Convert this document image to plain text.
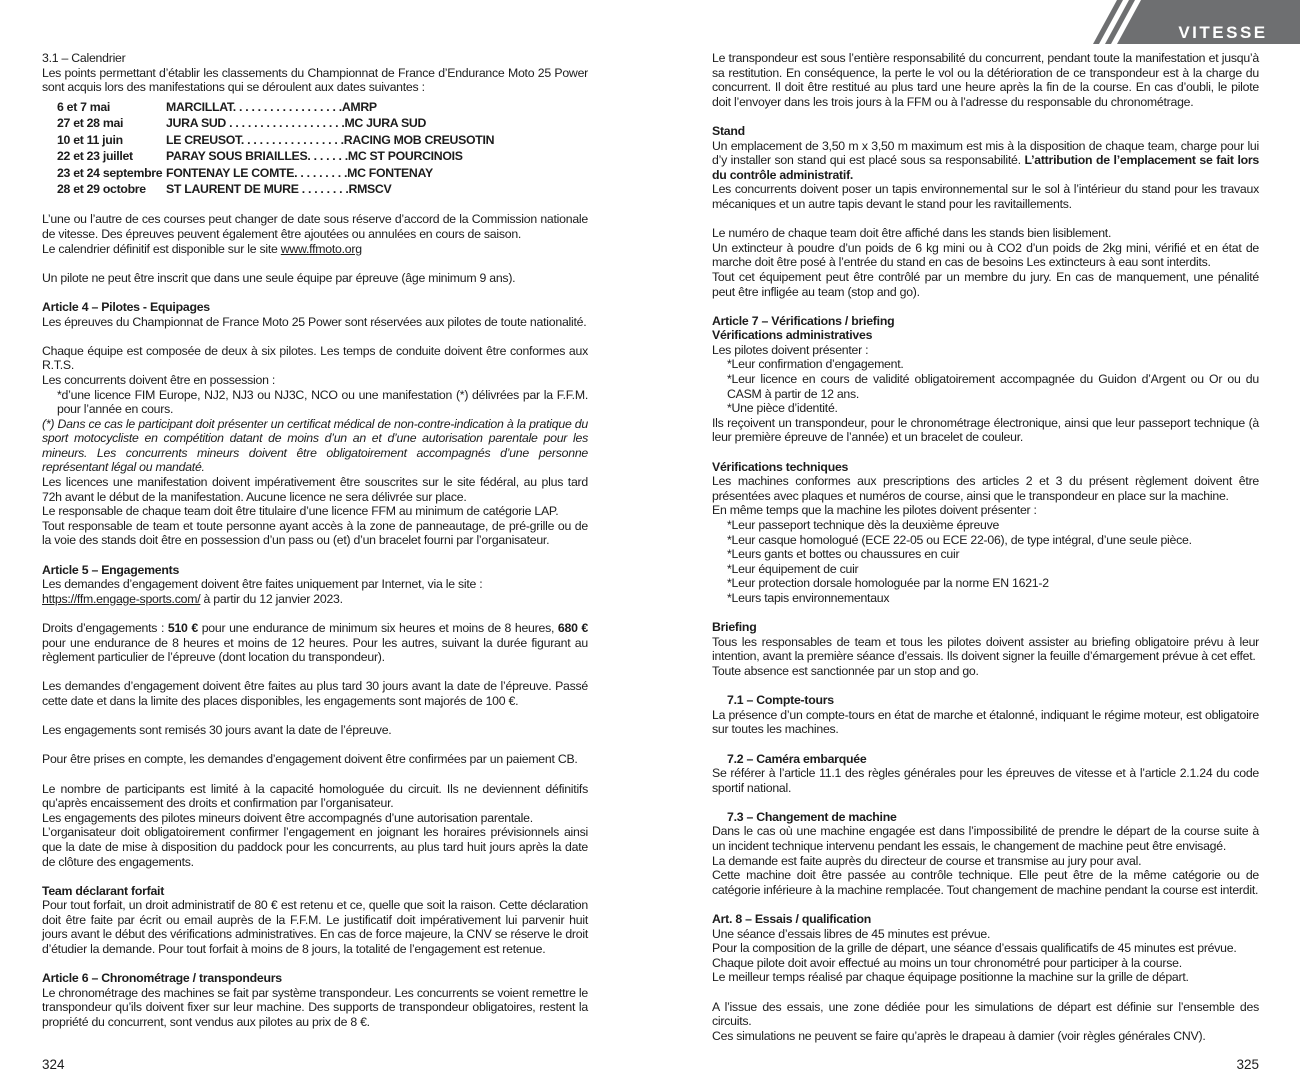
3.1 – Calendrier

Les points permettant d’établir les classements du Championnat de France d’Endurance Moto 25 Power sont acquis lors des manifestations qui se déroulent aux dates suivantes :

6 et 7 mai	MARCILLAT. . . . . . . . . . . . . . . . . .AMRP
27 et 28 mai	JURA SUD . . . . . . . . . . . . . . . . . . .MC JURA SUD
10 et 11 juin	LE CREUSOT. . . . . . . . . . . . . . . . .RACING MOB CREUSOTIN
22 et 23 juillet	PARAY SOUS BRIAILLES. . . . . . .MC ST POURCINOIS
23 et 24 septembre FONTENAY LE COMTE. . . . . . . . .MC FONTENAY
28 et 29 octobre	ST LAURENT DE MURE . . . . . . . .RMSCV

L’une ou l’autre de ces courses peut changer de date sous réserve d’accord de la Commission nationale de vitesse. Des épreuves peuvent également être ajoutées ou annulées en cours de saison.

Le calendrier définitif est disponible sur le site www.ffmoto.org

Un pilote ne peut être inscrit que dans une seule équipe par épreuve (âge minimum 9 ans).

Article 4 – Pilotes - Equipages

Les épreuves du Championnat de France Moto 25 Power sont réservées aux pilotes de toute nationalité.

Chaque équipe est composée de deux à six pilotes. Les temps de conduite doivent être conformes aux R.T.S.

Les concurrents doivent être en possession :

*d’une licence FIM Europe, NJ2, NJ3 ou NJ3C, NCO ou une manifestation (*) délivrées par la F.F.M. pour l’année en cours.

(*) Dans ce cas le participant doit présenter un certificat médical de non-contre-indication à la pratique du sport motocycliste en compétition datant de moins d’un an et d’une autorisation parentale pour les mineurs. Les concurrents mineurs doivent être obligatoirement accompagnés d’une personne représentant légal ou mandaté.

Les licences une manifestation doivent impérativement être souscrites sur le site fédéral, au plus tard 72h avant le début de la manifestation. Aucune licence ne sera délivrée sur place.

Le responsable de chaque team doit être titulaire d’une licence FFM au minimum de catégorie LAP.

Tout responsable de team et toute personne ayant accès à la zone de panneautage, de pré-grille ou de la voie des stands doit être en possession d’un pass ou (et) d’un bracelet fourni par l’organisateur.

Article 5 – Engagements

Les demandes d’engagement doivent être faites uniquement par Internet, via le site :

https://ffm.engage-sports.com/ à partir du 12 janvier 2023.

Droits d’engagements : 510 € pour une endurance de minimum six heures et moins de 8 heures, 680 € pour une endurance de 8 heures et moins de 12 heures. Pour les autres, suivant la durée figurant au règlement particulier de l’épreuve (dont location du transpondeur).

Les demandes d’engagement doivent être faites au plus tard 30 jours avant la date de l’épreuve. Passé cette date et dans la limite des places disponibles, les engagements sont majorés de 100 €.

Les engagements sont remisés 30 jours avant la date de l’épreuve.

Pour être prises en compte, les demandes d’engagement doivent être confirmées par un paiement CB.

Le nombre de participants est limité à la capacité homologuée du circuit. Ils ne deviennent définitifs qu’après encaissement des droits et confirmation par l’organisateur.

Les engagements des pilotes mineurs doivent être accompagnés d’une autorisation parentale.

L’organisateur doit obligatoirement confirmer l’engagement en joignant les horaires prévisionnels ainsi que la date de mise à disposition du paddock pour les concurrents, au plus tard huit jours après la date de clôture des engagements.

Team déclarant forfait

Pour tout forfait, un droit administratif de 80 € est retenu et ce, quelle que soit la raison. Cette déclaration doit être faite par écrit ou email auprès de la F.F.M. Le justificatif doit impérativement lui parvenir huit jours avant le début des vérifications administratives. En cas de force majeure, la CNV se réserve le droit d’étudier la demande. Pour tout forfait à moins de 8 jours, la totalité de l’engagement est retenue.

Article 6 – Chronométrage / transpondeurs

Le chronométrage des machines se fait par système transpondeur. Les concurrents se voient remettre le transpondeur qu’ils doivent fixer sur leur machine. Des supports de transpondeur obligatoires, restent la propriété du concurrent, sont vendus aux pilotes au prix de 8 €.

324
VITESSE

Le transpondeur est sous l’entière responsabilité du concurrent, pendant toute la manifestation et jusqu’à sa restitution. En conséquence, la perte le vol ou la détérioration de ce transpondeur est à la charge du concurrent. Il doit être restitué au plus tard une heure après la fin de la course. En cas d’oubli, le pilote doit l’envoyer dans les trois jours à la FFM ou à l’adresse du responsable du chronométrage.

Stand

Un emplacement de 3,50 m x 3,50 m maximum est mis à la disposition de chaque team, charge pour lui d’y installer son stand qui est placé sous sa responsabilité. L’attribution de l’emplacement se fait lors du contrôle administratif.

Les concurrents doivent poser un tapis environnemental sur le sol à l’intérieur du stand pour les travaux mécaniques et un autre tapis devant le stand pour les ravitaillements.

Le numéro de chaque team doit être affiché dans les stands bien lisiblement.

Un extincteur à poudre d’un poids de 6 kg mini ou à CO2 d’un poids de 2kg mini, vérifié et en état de marche doit être posé à l’entrée du stand en cas de besoins Les extincteurs à eau sont interdits.

Tout cet équipement peut être contrôlé par un membre du jury. En cas de manquement, une pénalité peut être infligée au team (stop and go).

Article 7 – Vérifications / briefing

Vérifications administratives

Les pilotes doivent présenter :

*Leur confirmation d’engagement.

*Leur licence en cours de validité obligatoirement accompagnée du Guidon d’Argent ou Or ou du CASM à partir de 12 ans.

*Une pièce d’identité.

Ils reçoivent un transpondeur, pour le chronométrage électronique, ainsi que leur passeport technique (à leur première épreuve de l’année) et un bracelet de couleur.

Vérifications techniques

Les machines conformes aux prescriptions des articles 2 et 3 du présent règlement doivent être présentées avec plaques et numéros de course, ainsi que le transpondeur en place sur la machine.

En même temps que la machine les pilotes doivent présenter :

*Leur passeport technique dès la deuxième épreuve

*Leur casque homologué (ECE 22-05 ou ECE 22-06), de type intégral, d’une seule pièce.

*Leurs gants et bottes ou chaussures en cuir

*Leur équipement de cuir

*Leur protection dorsale homologuée par la norme EN 1621-2

*Leurs tapis environnementaux

Briefing

Tous les responsables de team et tous les pilotes doivent assister au briefing obligatoire prévu à leur intention, avant la première séance d’essais. Ils doivent signer la feuille d’émargement prévue à cet effet.

Toute absence est sanctionnée par un stop and go.

7.1 – Compte-tours

La présence d’un compte-tours en état de marche et étalonné, indiquant le régime moteur, est obligatoire sur toutes les machines.

7.2 – Caméra embarquée

Se référer à l’article 11.1 des règles générales pour les épreuves de vitesse et à l’article 2.1.24 du code sportif national.

7.3 – Changement de machine

Dans le cas où une machine engagée est dans l’impossibilité de prendre le départ de la course suite à un incident technique intervenu pendant les essais, le changement de machine peut être envisagé.

La demande est faite auprès du directeur de course et transmise au jury pour aval.

Cette machine doit être passée au contrôle technique. Elle peut être de la même catégorie ou de catégorie inférieure à la machine remplacée. Tout changement de machine pendant la course est interdit.

Art. 8 – Essais / qualification

Une séance d’essais libres de 45 minutes est prévue.

Pour la composition de la grille de départ, une séance d’essais qualificatifs de 45 minutes est prévue.

Chaque pilote doit avoir effectué au moins un tour chronométré pour participer à la course.

Le meilleur temps réalisé par chaque équipage positionne la machine sur la grille de départ.

A l’issue des essais, une zone dédiée pour les simulations de départ est définie sur l’ensemble des circuits.

Ces simulations ne peuvent se faire qu’après le drapeau à damier (voir règles générales CNV).

325
